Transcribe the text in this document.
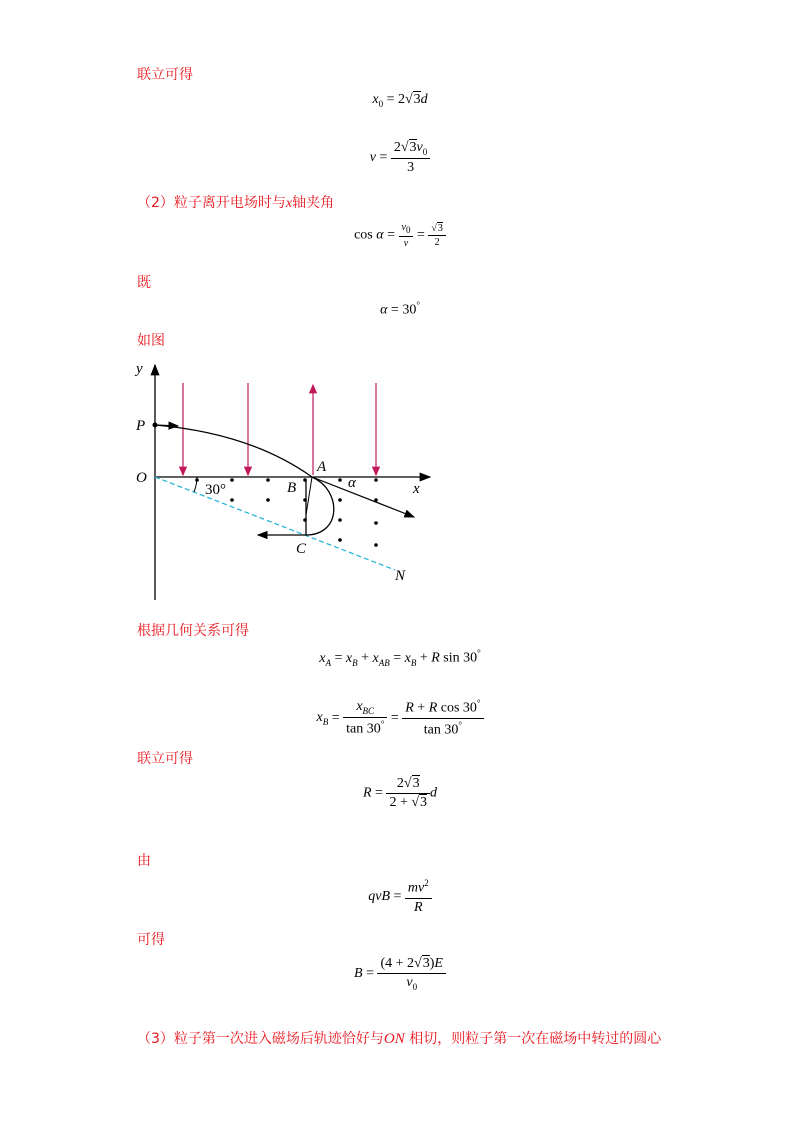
联立可得
（2）粒子离开电场时与x轴夹角
既
如图
根据几何关系可得
联立可得
由
可得
（3）粒子第一次进入磁场后轨迹恰好与ON 相切，则粒子第一次在磁场中转过的圆心
$x_0 = 2√3d$
$v = \frac{2√3v_0}{3}$
$\cos \alpha = \frac{v_0}{v} = \frac{√3}{2}$
α = 30°
$x_A = x_B + x_{AB} = x_B + R$ sin 30°
$x_B = \frac{x_{BC}}{\tan 30^\circ} = \frac{R + R \cos 30^\circ}{\tan 30^\circ}$
$R = \frac{2√3}{2 + √3}$ d
qvB = $\frac{mv^2}{R}$
$B = \frac{(4 + 2√3)E}{v_0}$
y
x
O
P
A
B
C
N
30°	α
